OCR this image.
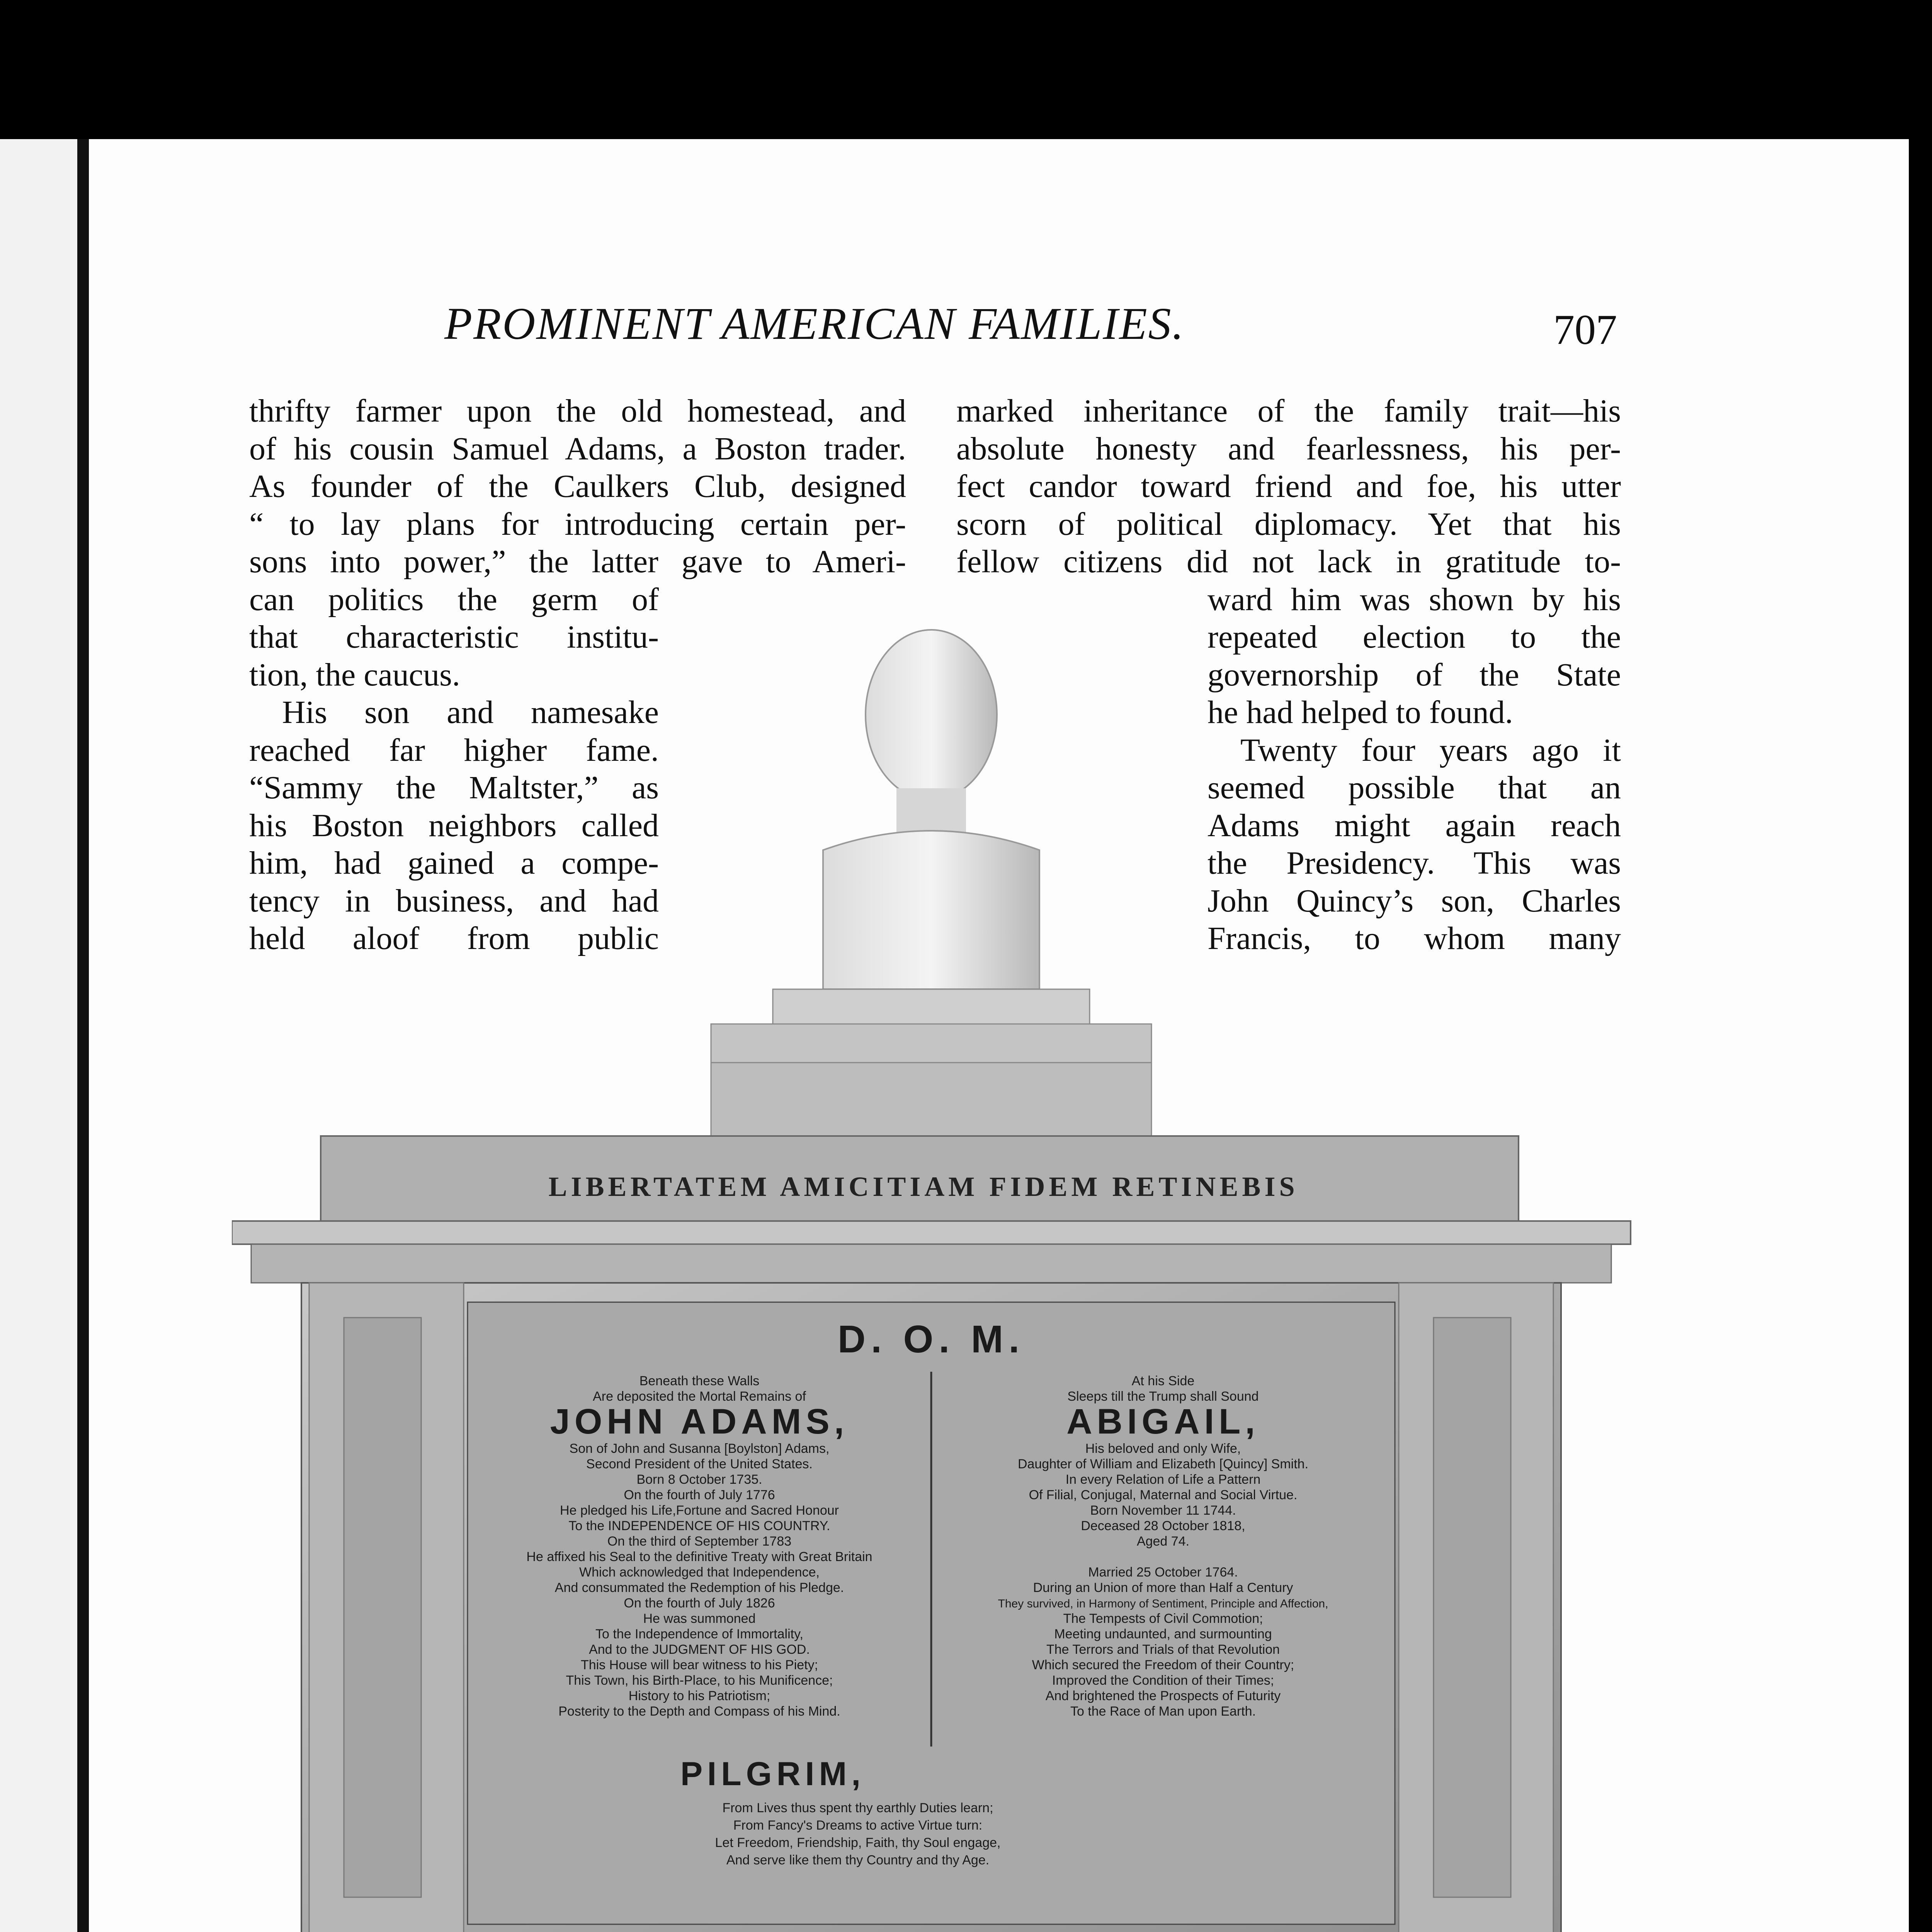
PROMINENT AMERICAN FAMILIES.	707
thrifty farmer upon the old homestead, and
of his cousin Samuel Adams, a Boston trader.
As founder of the Caulkers Club, designed
“ to lay plans for introducing certain per-
sons into power,” the latter gave to Ameri-
can politics the germ of
that characteristic institu-
tion, the caucus.
His son and namesake
reached far higher fame.
“Sammy the Maltster,” as
his Boston neighbors called
him, had gained a compe-
tency in business, and had
held aloof from public
marked inheritance of the family trait—his
absolute honesty and fearlessness, his per-
fect candor toward friend and foe, his utter
scorn of political diplomacy. Yet that his
fellow citizens did not lack in gratitude to-
ward him was shown by his
repeated election to the
governorship of the State
he had helped to found.
Twenty four years ago it
seemed possible that an
Adams might again reach
the Presidency. This was
John Quincy’s son, Charles
Francis, to whom many
LIBERTATEM AMICITIAM FIDEM RETINEBIS
D. O. M.
Beneath these Walls
Are deposited the Mortal Remains of
JOHN ADAMS,
Son of John and Susanna [Boylston] Adams,
Second President of the United States.
Born 8 October 1735.
On the fourth of July 1776
He pledged his Life,Fortune and Sacred Honour
To the INDEPENDENCE OF HIS COUNTRY.
On the third of September 1783
He affixed his Seal to the definitive Treaty with Great Britain
Which acknowledged that Independence,
And consummated the Redemption of his Pledge.
On the fourth of July 1826
He was summoned
To the Independence of Immortality,
And to the JUDGMENT OF HIS GOD.
This House will bear witness to his Piety;
This Town, his Birth-Place, to his Munificence;
History to his Patriotism;
Posterity to the Depth and Compass of his Mind.
At his Side
Sleeps till the Trump shall Sound
ABIGAIL,
His beloved and only Wife,
Daughter of William and Elizabeth [Quincy] Smith.
In every Relation of Life a Pattern
Of Filial, Conjugal, Maternal and Social Virtue.
Born November 11 1744.
Deceased 28 October 1818,
Aged 74.
Married 25 October 1764.
During an Union of more than Half a Century
They survived, in Harmony of Sentiment, Principle and Affection,
The Tempests of Civil Commotion;
Meeting undaunted, and surmounting
The Terrors and Trials of that Revolution
Which secured the Freedom of their Country;
Improved the Condition of their Times;
And brightened the Prospects of Futurity
To the Race of Man upon Earth.
PILGRIM,
From Lives thus spent thy earthly Duties learn;
From Fancy's Dreams to active Virtue turn:
Let Freedom, Friendship, Faith, thy Soul engage,
And serve like them thy Country and thy Age.
